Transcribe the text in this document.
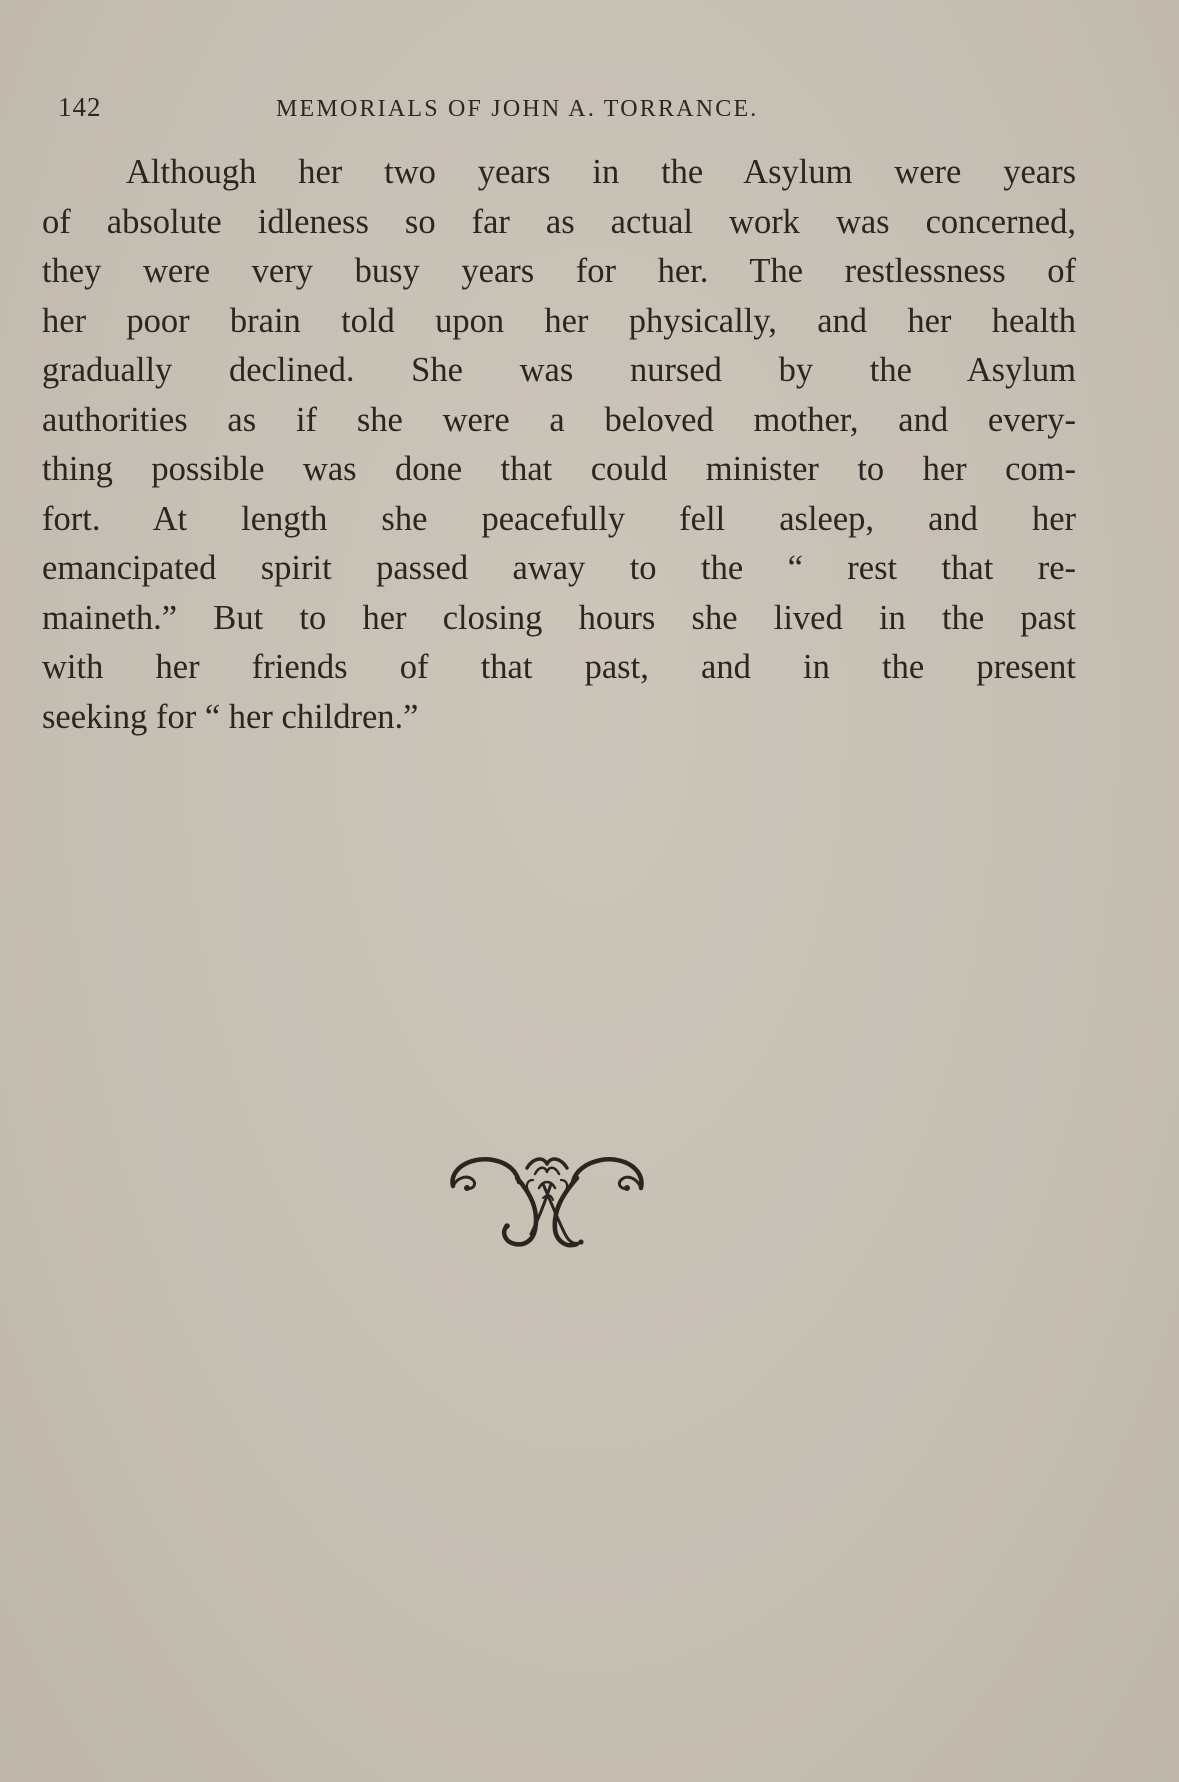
142	MEMORIALS OF JOHN A. TORRANCE.

Although her two years in the Asylum were years
of absolute idleness so far as actual work was concerned,
they were very busy years for her. The restlessness of
her poor brain told upon her physically, and her health
gradually declined. She was nursed by the Asylum
authorities as if she were a beloved mother, and every-
thing possible was done that could minister to her com-
fort. At length she peacefully fell asleep, and her
emancipated spirit passed away to the “ rest that re-
maineth.” But to her closing hours she lived in the past
with her friends of that past, and in the present
seeking for “ her children.”
